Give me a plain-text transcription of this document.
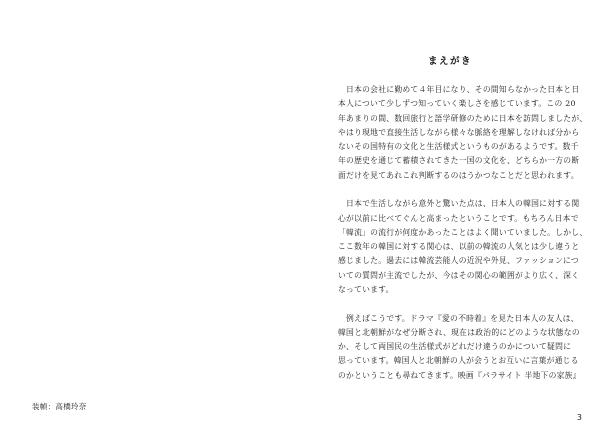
装幀：高橋玲奈
まえがき
　日本の会社に勤めて４年目になり、その間知らなかった日本と日
本人について少しずつ知っていく楽しさを感じています。この 20
年あまりの間、数回旅行と語学研修のために日本を訪問しましたが、
やはり現地で直接生活しながら様々な脈絡を理解しなければ分から
ないその国特有の文化と生活様式というものがあるようです。数千
年の歴史を通じて蓄積されてきた一国の文化を、どちらか一方の断
面だけを見てあれこれ判断するのはうかつなことだと思われます。
　日本で生活しながら意外と驚いた点は、日本人の韓国に対する関
心が以前に比べてぐんと高まったということです。もちろん日本で
「韓流」の流行が何度かあったことはよく聞いていました。しかし、
ここ数年の韓国に対する関心は、以前の韓流の人気とは少し違うと
感じました。過去には韓流芸能人の近況や外見、ファッションにつ
いての質問が主流でしたが、今はその関心の範囲がより広く、深く
なっています。
　例えばこうです。ドラマ『愛の不時着』を見た日本人の友人は、
韓国と北朝鮮がなぜ分断され、現在は政治的にどのような状態なの
か、そして両国民の生活様式がどれだけ違うのかについて疑問に
思っています。韓国人と北朝鮮の人が会うとお互いに言葉が通じる
のかということも尋ねてきます。映画『パラサイト 半地下の家族』
3
